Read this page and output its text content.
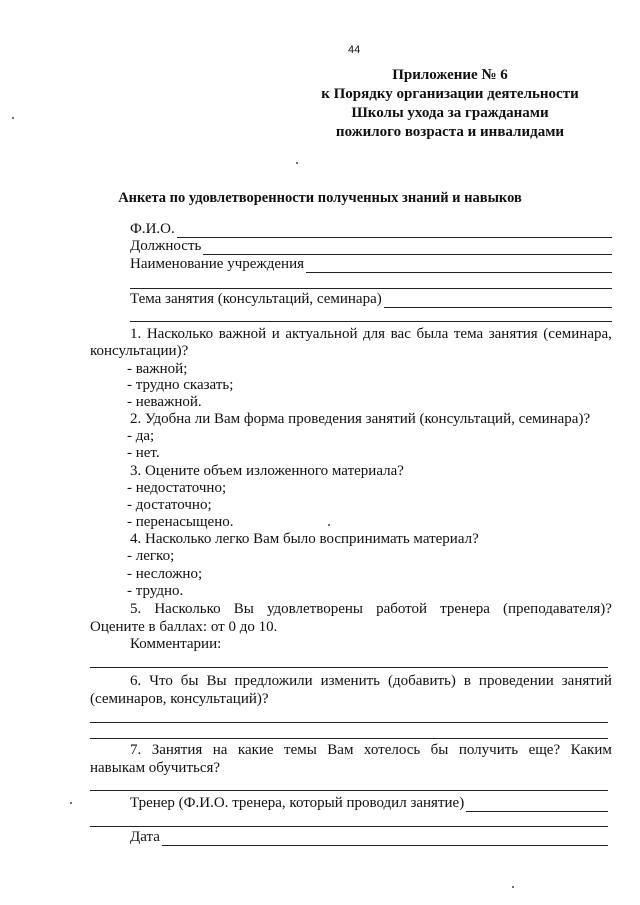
44
Приложение № 6
к Порядку организации деятельности
Школы ухода за гражданами
пожилого возраста и инвалидами
Анкета по удовлетворенности полученных знаний и навыков
Ф.И.О.
Должность
Наименование учреждения
Тема занятия (консультаций, семинара)
1. Насколько важной и актуальной для вас была тема занятия (семинара,
консультации)?
- важной;
- трудно сказать;
- неважной.
2. Удобна ли Вам форма проведения занятий (консультаций, семинара)?
- да;
- нет.
3. Оцените объем изложенного материала?
- недостаточно;
- достаточно;
- перенасыщено.
4. Насколько легко Вам было воспринимать материал?
- легко;
- несложно;
- трудно.
5. Насколько Вы удовлетворены работой тренера (преподавателя)?
Оцените в баллах: от 0 до 10.
Комментарии:
6. Что бы Вы предложили изменить (добавить) в проведении занятий
(семинаров, консультаций)?
7. Занятия на какие темы Вам хотелось бы получить еще? Каким
навыкам обучиться?
Тренер (Ф.И.О. тренера, который проводил занятие)
Дата
